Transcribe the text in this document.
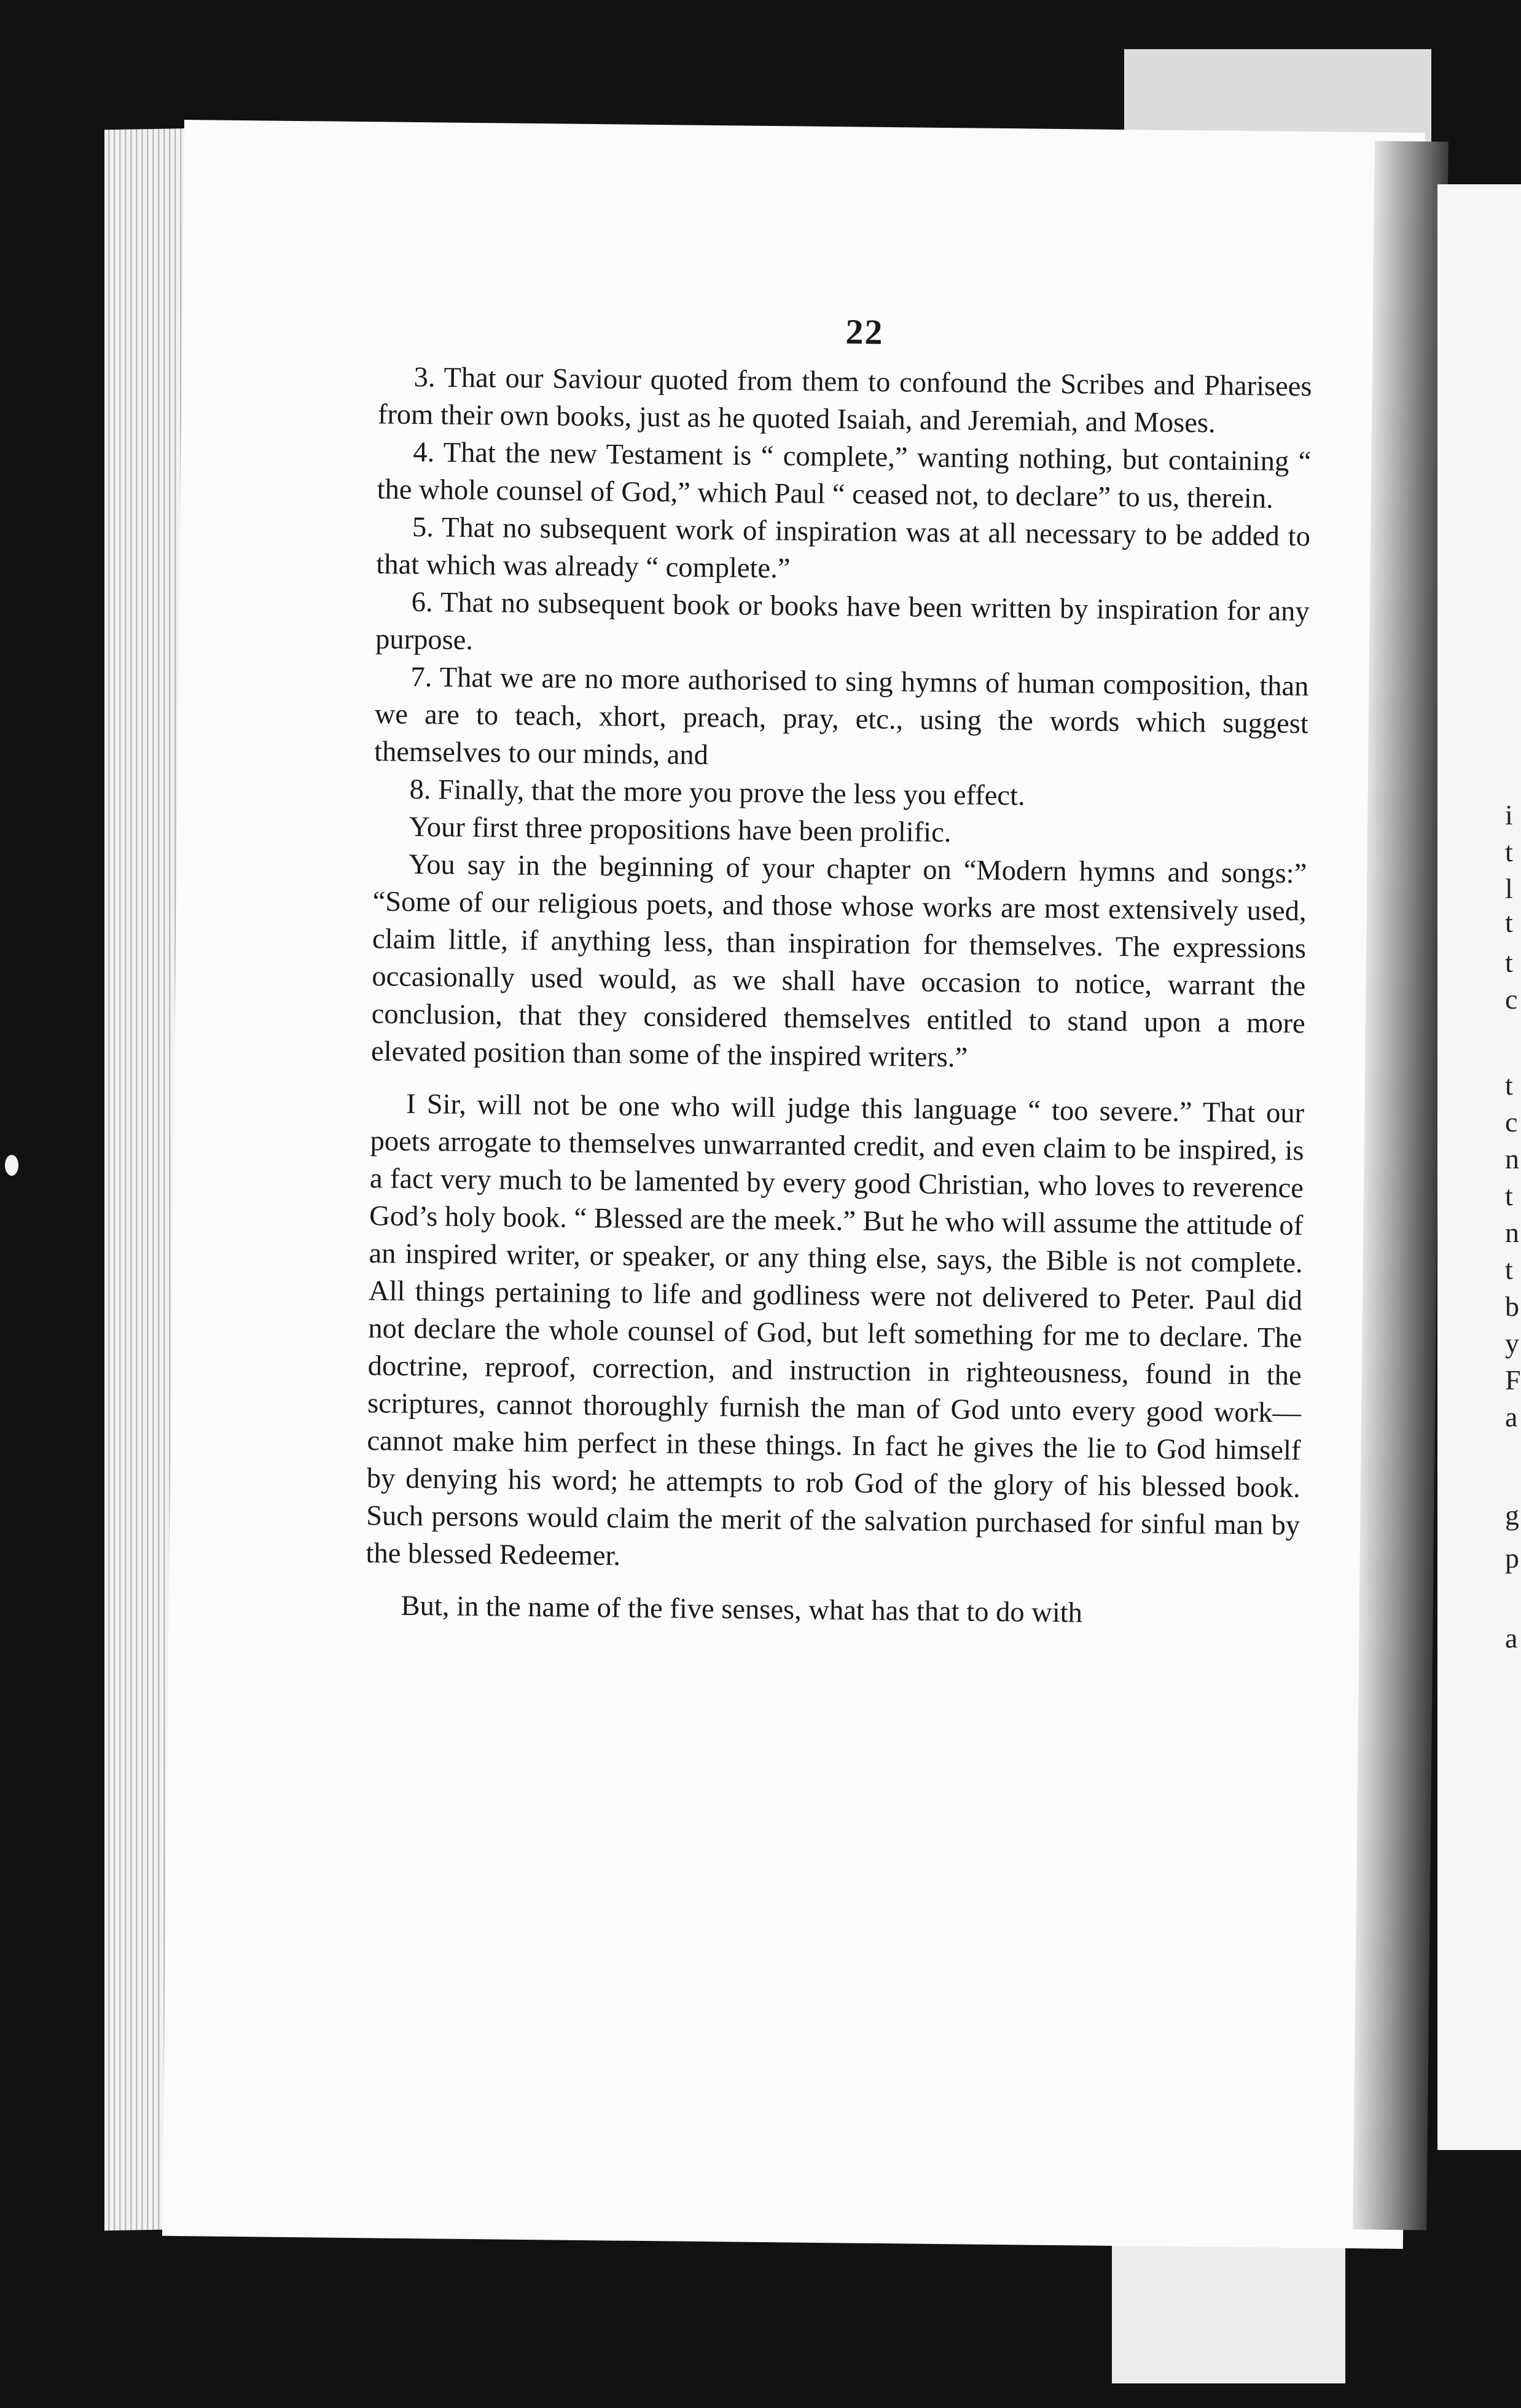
22

3. That our Saviour quoted from them to confound the Scribes and Pharisees from their own books, just as he quoted Isaiah, and Jeremiah, and Moses.

4. That the new Testament is “ complete,” wanting nothing, but containing “ the whole counsel of God,” which Paul “ ceased not, to declare” to us, therein.

5. That no subsequent work of inspiration was at all necessary to be added to that which was already “ complete.”

6. That no subsequent book or books have been written by inspiration for any purpose.

7. That we are no more authorised to sing hymns of human composition, than we are to teach, xhort, preach, pray, etc., using the words which suggest themselves to our minds, and

8. Finally, that the more you prove the less you effect.

Your first three propositions have been prolific.

You say in the beginning of your chapter on “Modern hymns and songs:” “Some of our religious poets, and those whose works are most extensively used, claim little, if anything less, than inspiration for themselves. The expressions occasionally used would, as we shall have occasion to notice, warrant the conclusion, that they considered themselves entitled to stand upon a more elevated position than some of the inspired writers.”

I Sir, will not be one who will judge this language “ too severe.” That our poets arrogate to themselves unwarranted credit, and even claim to be inspired, is a fact very much to be lamented by every good Christian, who loves to reverence God’s holy book. “ Blessed are the meek.” But he who will assume the attitude of an inspired writer, or speaker, or any thing else, says, the Bible is not complete. All things pertaining to life and godliness were not delivered to Peter. Paul did not declare the whole counsel of God, but left something for me to declare. The doctrine, reproof, correction, and instruction in righteousness, found in the scriptures, cannot thoroughly furnish the man of God unto every good work—cannot make him perfect in these things. In fact he gives the lie to God himself by denying his word; he attempts to rob God of the glory of his blessed book. Such persons would claim the merit of the salvation purchased for sinful man by the blessed Redeemer.

But, in the name of the five senses, what has that to do with

i
t
l
t
t
c
t
c
n
t
n
t
b
y
F
a
g
p
a
